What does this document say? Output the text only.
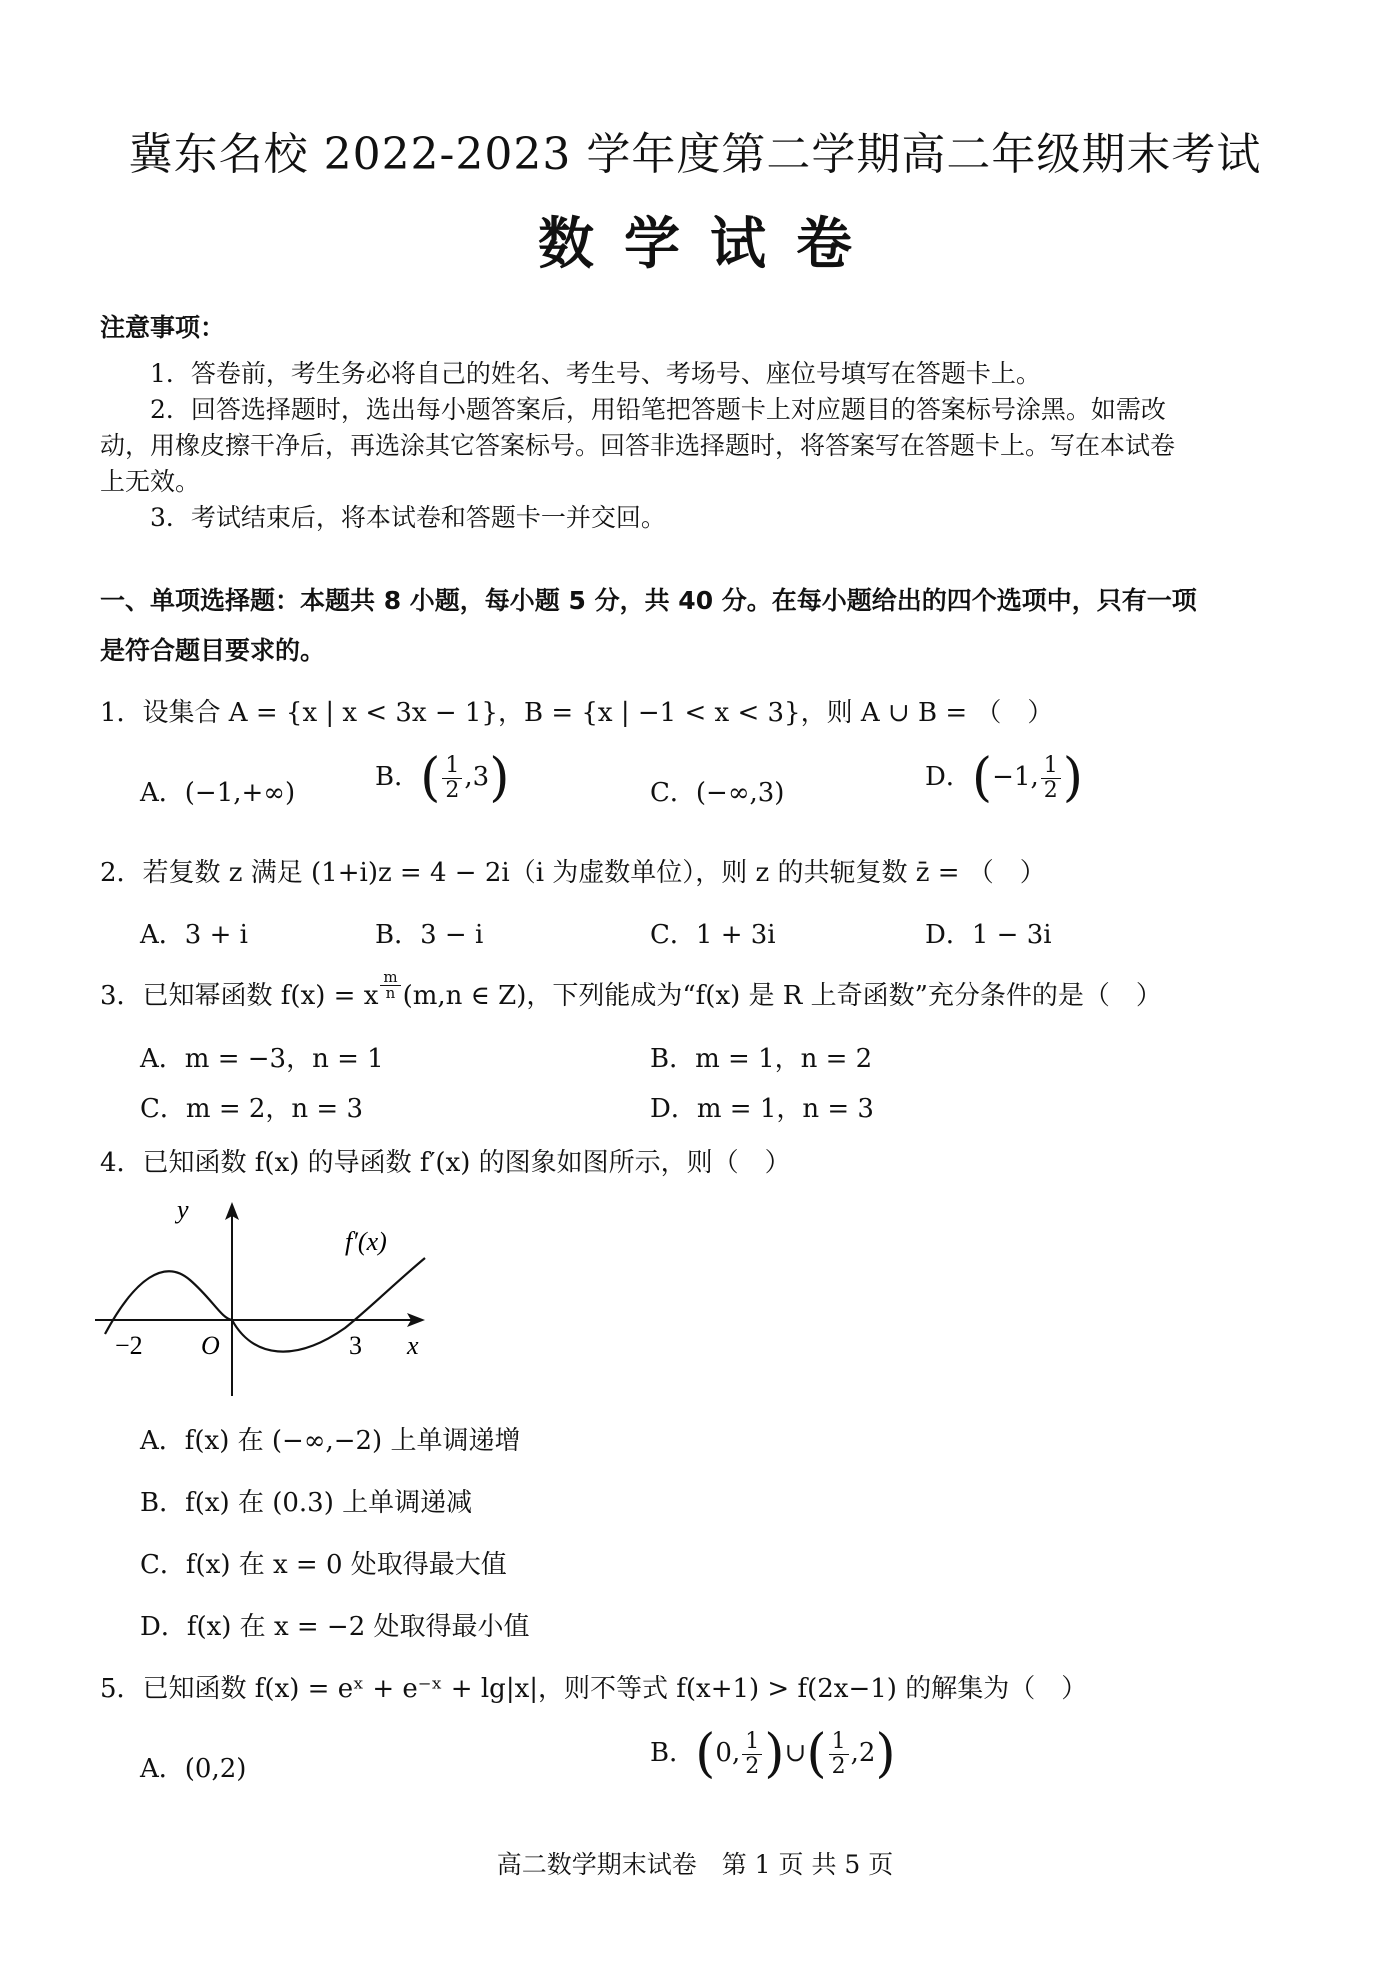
冀东名校 2022-2023 学年度第二学期高二年级期末考试
数学试卷
注意事项：
1．答卷前，考生务必将自己的姓名、考生号、考场号、座位号填写在答题卡上。
2．回答选择题时，选出每小题答案后，用铅笔把答题卡上对应题目的答案标号涂黑。如需改
动，用橡皮擦干净后，再选涂其它答案标号。回答非选择题时，将答案写在答题卡上。写在本试卷
上无效。
3．考试结束后，将本试卷和答题卡一并交回。
一、单项选择题：本题共 8 小题，每小题 5 分，共 40 分。在每小题给出的四个选项中，只有一项
是符合题目要求的。
1．设集合 A = {x | x < 3x − 1}，B = {x | −1 < x < 3}，则 A ∪ B = （　）
A．(−1,+∞)
B．( $\frac{1}{2} ,3$)	C．(−∞,3)
D．(−1, $\frac{1}{2}$ )
2．若复数 z 满足 (1+i)z = 4 − 2i（i 为虚数单位），则 z 的共轭复数 z̄ = （　）
A．3 + i	B．3 − i	C．1 + 3i	D．1 − 3i
3．已知幂函数 f(x) = x $^{\frac{m}{n}}$ (m,n ∈ Z)，下列能成为“f(x) 是 R 上奇函数”充分条件的是（　）
A．m = −3，n = 1	B．m = 1，n = 2
C．m = 2，n = 3	D．m = 1，n = 3
4．已知函数 f(x) 的导函数 f′(x) 的图象如图所示，则（　）
y
x
f′(x)
−2 O	3
A．f(x) 在 (−∞,−2) 上单调递增
B．f(x) 在 (0.3) 上单调递减
C．f(x) 在 x = 0 处取得最大值
D．f(x) 在 x = −2 处取得最小值
5．已知函数 f(x) = eˣ + e⁻ˣ + lg|x|，则不等式 f(x+1) > f(2x−1) 的解集为（　）
A．(0,2)
B．(0, $\frac{1}{2}$ )∪( $\frac{1}{2} ,2$)
高二数学期末试卷　第 1 页 共 5 页
